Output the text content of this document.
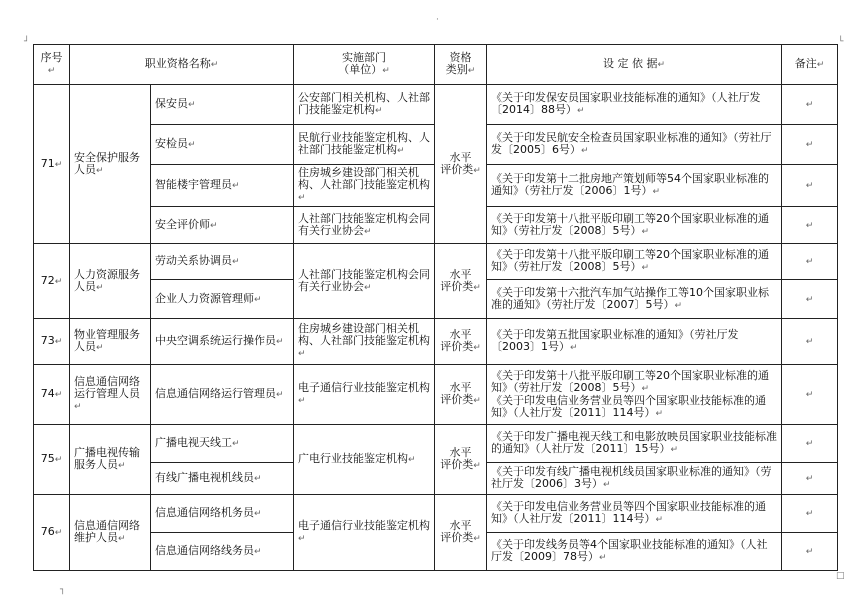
·
┘	└
┐
□
序号↵	职业资格名称↵		实施部门
（单位）↵	资格
类别↵	设 定 依 据↵	备注↵
71↵	安全保护服务人员↵	保安员↵	公安部门相关机构、人社部门技能鉴定机构↵	水平
评价类↵	《关于印发保安员国家职业技能标准的通知》（人社厅发〔2014〕88号）↵	↵
		安检员↵	民航行业技能鉴定机构、人社部门技能鉴定机构↵		《关于印发民航安全检查员国家职业标准的通知》（劳社厅发〔2005〕6号）↵	↵
		智能楼宇管理员↵	住房城乡建设部门相关机构、人社部门技能鉴定机构↵		《关于印发第十二批房地产策划师等54个国家职业标准的通知》（劳社厅发〔2006〕1号）↵	↵
		安全评价师↵	人社部门技能鉴定机构会同有关行业协会↵		《关于印发第十八批平版印刷工等20个国家职业标准的通知》（劳社厅发〔2008〕5号）↵	↵
72↵	人力资源服务人员↵	劳动关系协调员↵	人社部门技能鉴定机构会同有关行业协会↵	水平
评价类↵	《关于印发第十八批平版印刷工等20个国家职业标准的通知》（劳社厅发〔2008〕5号）↵	↵
		企业人力资源管理师↵			《关于印发第十六批汽车加气站操作工等10个国家职业标准的通知》（劳社厅发〔2007〕5号）↵	↵
73↵	物业管理服务人员↵	中央空调系统运行操作员↵	住房城乡建设部门相关机构、人社部门技能鉴定机构↵	水平
评价类↵	《关于印发第五批国家职业标准的通知》（劳社厅发〔2003〕1号）↵	↵
74↵	信息通信网络运行管理人员↵	信息通信网络运行管理员↵	电子通信行业技能鉴定机构↵	水平
评价类↵	《关于印发第十八批平版印刷工等20个国家职业标准的通知》（劳社厅发〔2008〕5号）↵
《关于印发电信业务营业员等四个国家职业技能标准的通知》（人社厅发〔2011〕114号）↵	↵
75↵	广播电视传输服务人员↵	广播电视天线工↵	广电行业技能鉴定机构↵	水平
评价类↵	《关于印发广播电视天线工和电影放映员国家职业技能标准的通知》（人社厅发〔2011〕15号）↵	↵
		有线广播电视机线员↵			《关于印发有线广播电视机线员国家职业标准的通知》（劳社厅发〔2006〕3号）↵	↵
76↵	信息通信网络维护人员↵	信息通信网络机务员↵	电子通信行业技能鉴定机构↵	水平
评价类↵	《关于印发电信业务营业员等四个国家职业技能标准的通知》（人社厅发〔2011〕114号）↵	↵
		信息通信网络线务员↵			《关于印发线务员等4个国家职业技能标准的通知》（人社厅发〔2009〕78号）↵	↵
